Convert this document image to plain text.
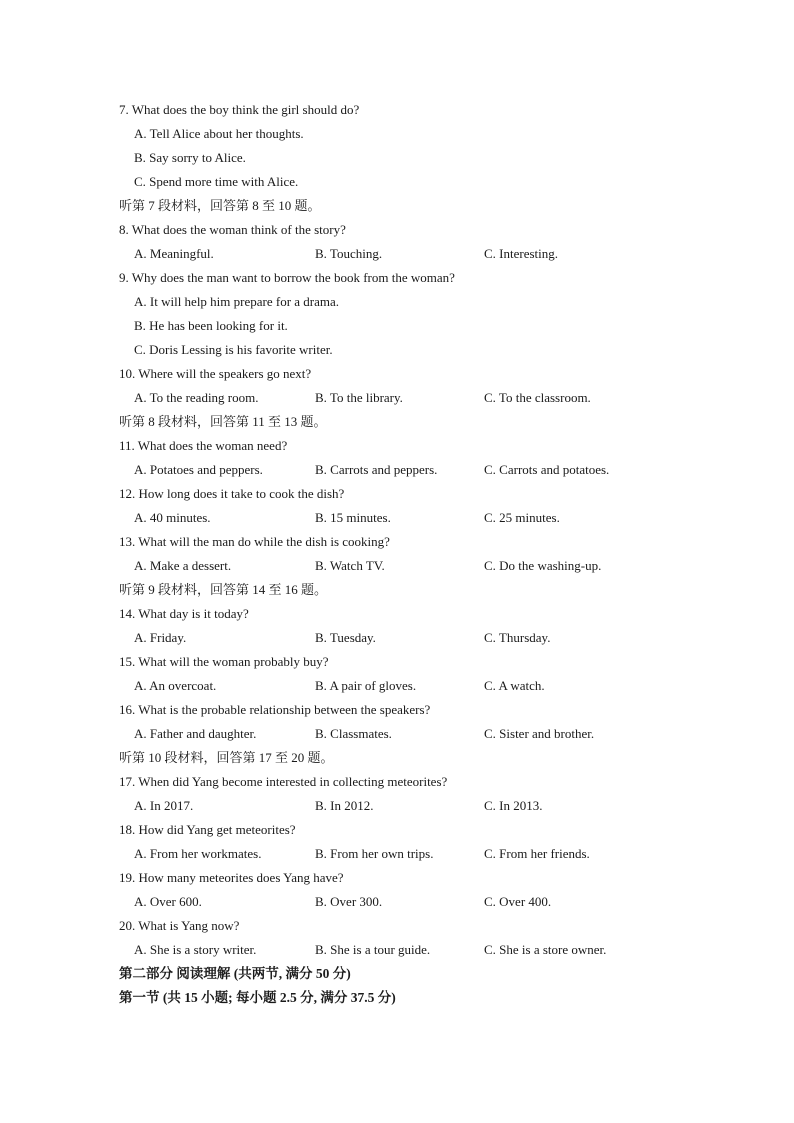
7. What does the boy think the girl should do?
A. Tell Alice about her thoughts.
B. Say sorry to Alice.
C. Spend more time with Alice.
听第 7 段材料，回答第 8 至 10 题。
8. What does the woman think of the story?
A. Meaningful.	B. Touching.	C. Interesting.
9. Why does the man want to borrow the book from the woman?
A. It will help him prepare for a drama.
B. He has been looking for it.
C. Doris Lessing is his favorite writer.
10. Where will the speakers go next?
A. To the reading room.	B. To the library.	C. To the classroom.
听第 8 段材料，回答第 11 至 13 题。
11. What does the woman need?
A. Potatoes and peppers.	B. Carrots and peppers.	C. Carrots and potatoes.
12. How long does it take to cook the dish?
A. 40 minutes.	B. 15 minutes.	C. 25 minutes.
13. What will the man do while the dish is cooking?
A. Make a dessert.	B. Watch TV.	C. Do the washing-up.
听第 9 段材料，回答第 14 至 16 题。
14. What day is it today?
A. Friday.	B. Tuesday.	C. Thursday.
15. What will the woman probably buy?
A. An overcoat.	B. A pair of gloves.	C. A watch.
16. What is the probable relationship between the speakers?
A. Father and daughter.	B. Classmates.	C. Sister and brother.
听第 10 段材料，回答第 17 至 20 题。
17. When did Yang become interested in collecting meteorites?
A. In 2017.	B. In 2012.	C. In 2013.
18. How did Yang get meteorites?
A. From her workmates.	B. From her own trips.	C. From her friends.
19. How many meteorites does Yang have?
A. Over 600.	B. Over 300.	C. Over 400.
20. What is Yang now?
A. She is a story writer.	B. She is a tour guide.	C. She is a store owner.
第二部分 阅读理解 (共两节, 满分 50 分)
第一节 (共 15 小题; 每小题 2.5 分, 满分 37.5 分)
